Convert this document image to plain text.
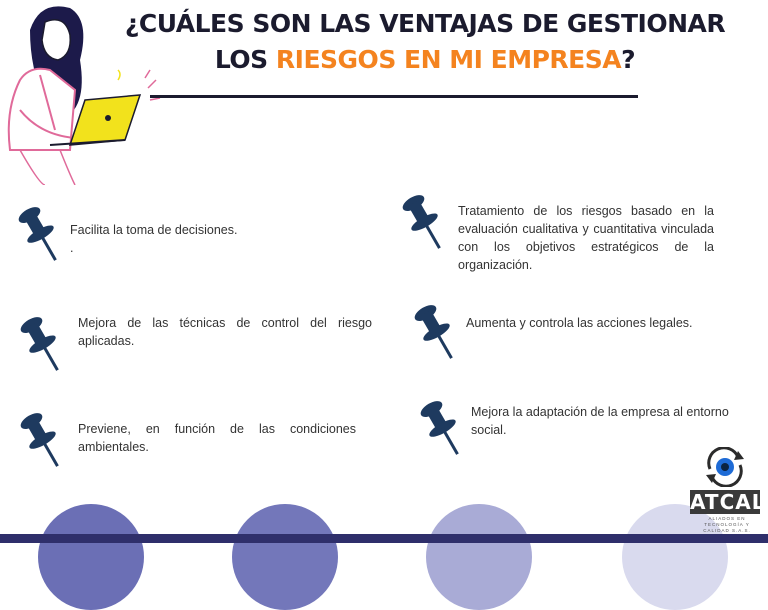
¿CUÁLES SON LAS VENTAJAS DE GESTIONAR
LOS RIESGOS EN MI EMPRESA?
Facilita la toma de decisiones.
.
Mejora de las técnicas de control del riesgo aplicadas.
Previene, en función de las condiciones ambientales.
Tratamiento de los riesgos basado en la evaluación cualitativa y cuantitativa vinculada con los objetivos estratégicos de la organización.
Aumenta y controla las acciones legales.
Mejora la adaptación de la empresa al entorno social.
ATCAL
ALIADOS EN
TECNOLOGÍA Y CALIDAD S.A.S.
